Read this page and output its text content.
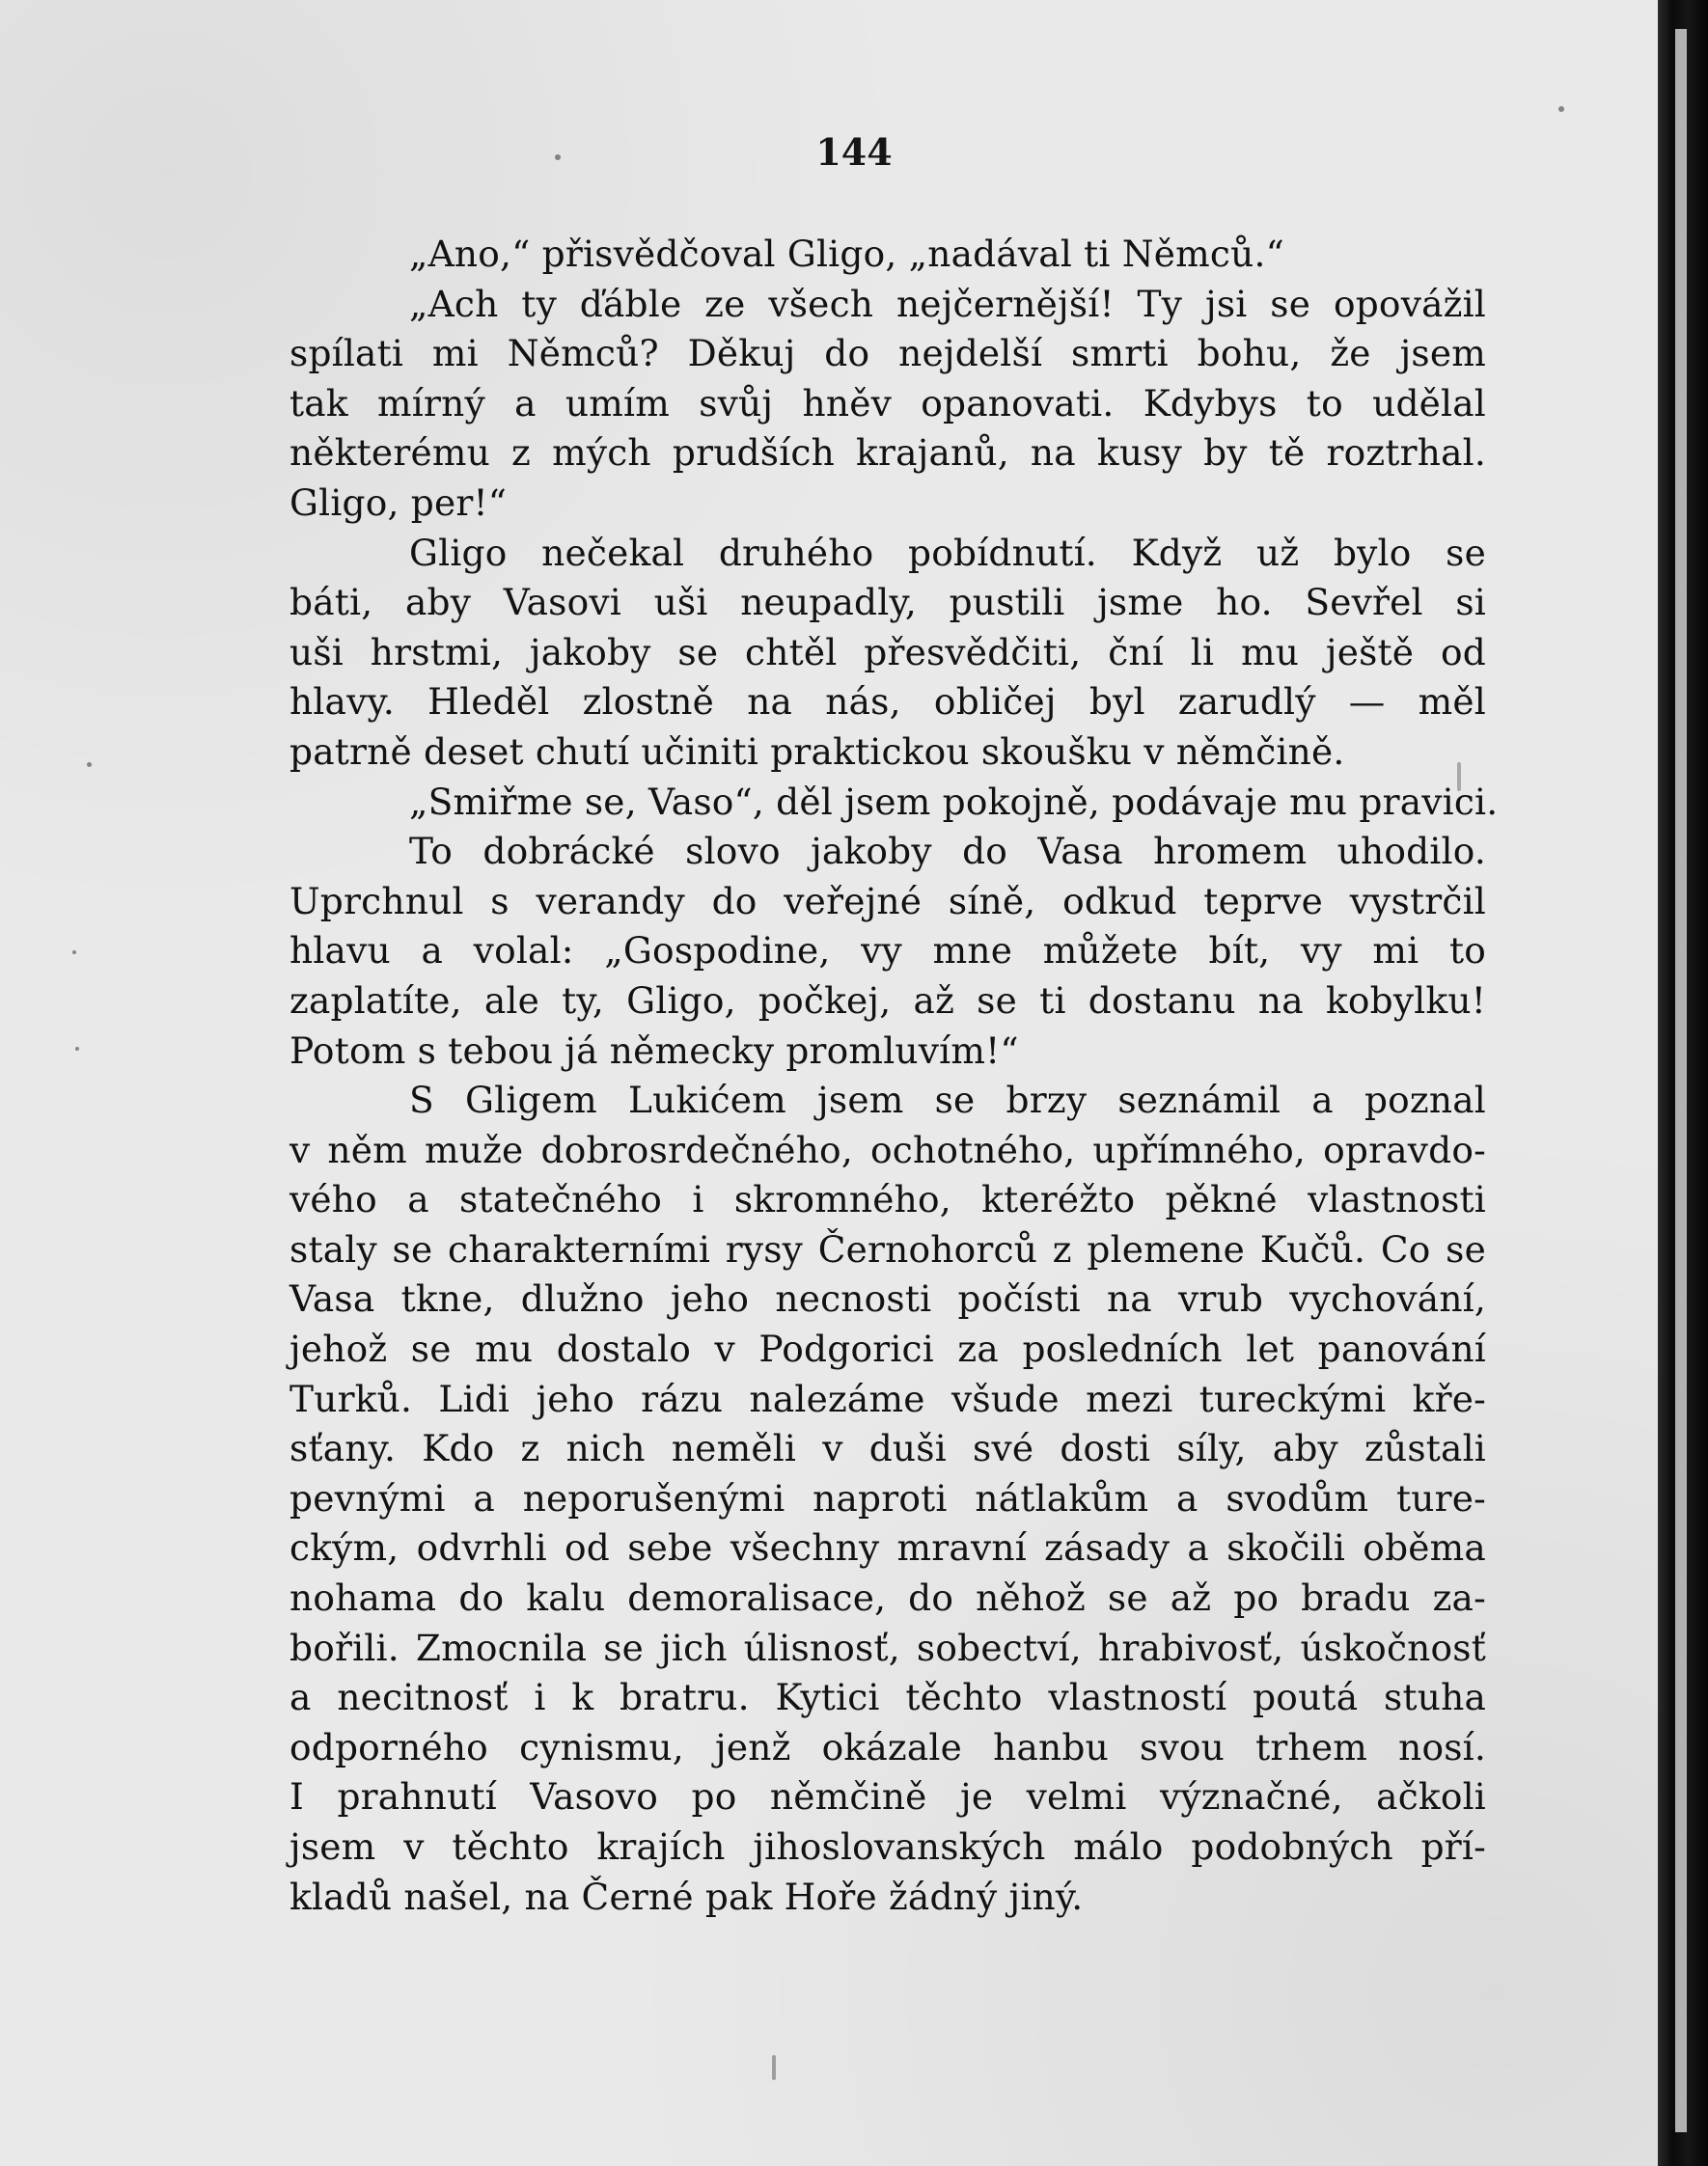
144
„Ano,“ přisvědčoval Gligo, „nadával ti Němců.“
„Ach ty ďáble ze všech nejčernější! Ty jsi se opovážil
spílati mi Němců? Děkuj do nejdelší smrti bohu, že jsem
tak mírný a umím svůj hněv opanovati. Kdybys to udělal
některému z mých prudších krajanů, na kusy by tě roztrhal.
Gligo, per!“
Gligo nečekal druhého pobídnutí. Když už bylo se
báti, aby Vasovi uši neupadly, pustili jsme ho. Sevřel si
uši hrstmi, jakoby se chtěl přesvědčiti, ční li mu ještě od
hlavy. Hleděl zlostně na nás, obličej byl zarudlý — měl
patrně deset chutí učiniti praktickou skoušku v němčině.
„Smiřme se, Vaso“, děl jsem pokojně, podávaje mu pravici.
To dobrácké slovo jakoby do Vasa hromem uhodilo.
Uprchnul s verandy do veřejné síně, odkud teprve vystrčil
hlavu a volal: „Gospodine, vy mne můžete bít, vy mi to
zaplatíte, ale ty, Gligo, počkej, až se ti dostanu na kobylku!
Potom s tebou já německy promluvím!“
S Gligem Lukićem jsem se brzy seznámil a poznal
v něm muže dobrosrdečného, ochotného, upřímného, opravdo-
vého a statečného i skromného, kteréžto pěkné vlastnosti
staly se charakterními rysy Černohorců z plemene Kučů. Co se
Vasa tkne, dlužno jeho necnosti počísti na vrub vychování,
jehož se mu dostalo v Podgorici za posledních let panování
Turků. Lidi jeho rázu nalezáme všude mezi tureckými kře-
sťany. Kdo z nich neměli v duši své dosti síly, aby zůstali
pevnými a neporušenými naproti nátlakům a svodům ture-
ckým, odvrhli od sebe všechny mravní zásady a skočili oběma
nohama do kalu demoralisace, do něhož se až po bradu za-
bořili. Zmocnila se jich úlisnosť, sobectví, hrabivosť, úskočnosť
a necitnosť i k bratru. Kytici těchto vlastností poutá stuha
odporného cynismu, jenž okázale hanbu svou trhem nosí.
I prahnutí Vasovo po němčině je velmi význačné, ačkoli
jsem v těchto krajích jihoslovanských málo podobných pří-
kladů našel, na Černé pak Hoře žádný jiný.
